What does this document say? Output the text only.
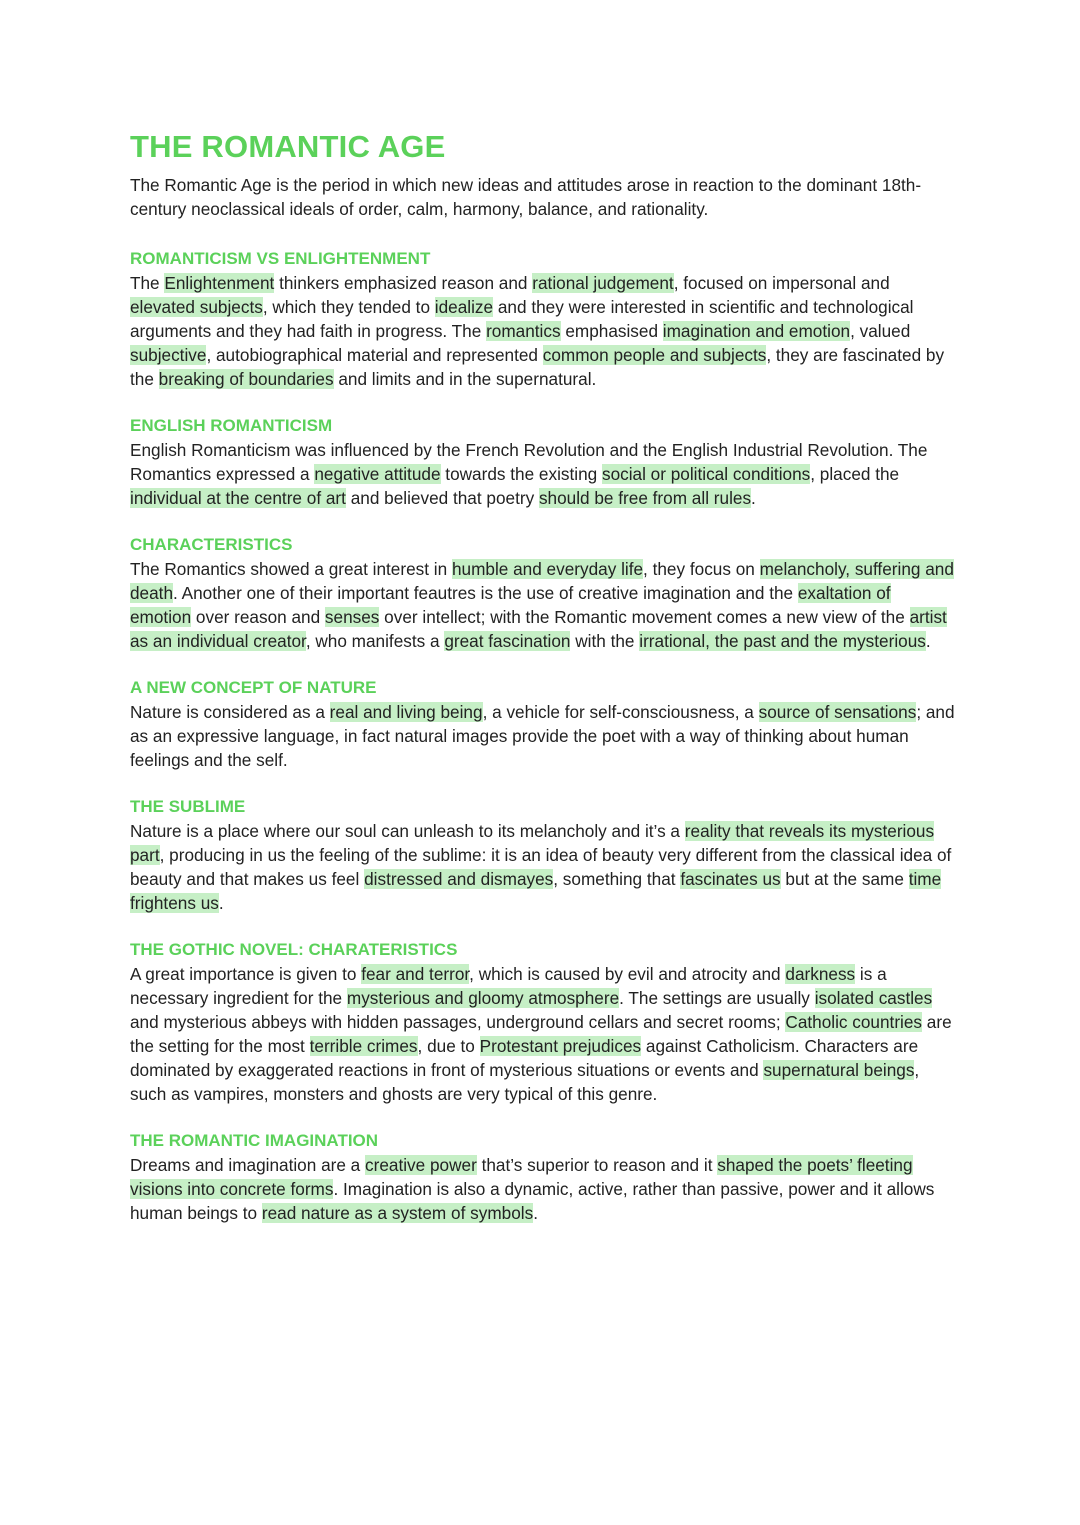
THE ROMANTIC AGE

The Romantic Age is the period in which new ideas and attitudes arose in reaction to the dominant 18th-century neoclassical ideals of order, calm, harmony, balance, and rationality.

ROMANTICISM VS ENLIGHTENMENT

The Enlightenment thinkers emphasized reason and rational judgement, focused on impersonal and elevated subjects, which they tended to idealize and they were interested in scientific and technological arguments and they had faith in progress. The romantics emphasised imagination and emotion, valued subjective, autobiographical material and represented common people and subjects, they are fascinated by the breaking of boundaries and limits and in the supernatural.

ENGLISH ROMANTICISM

English Romanticism was influenced by the French Revolution and the English Industrial Revolution. The Romantics expressed a negative attitude towards the existing social or political conditions, placed the individual at the centre of art and believed that poetry should be free from all rules.

CHARACTERISTICS

The Romantics showed a great interest in humble and everyday life, they focus on melancholy, suffering and death. Another one of their important feautres is the use of creative imagination and the exaltation of emotion over reason and senses over intellect; with the Romantic movement comes a new view of the artist as an individual creator, who manifests a great fascination with the irrational, the past and the mysterious.

A NEW CONCEPT OF NATURE

Nature is considered as a real and living being, a vehicle for self-consciousness, a source of sensations; and as an expressive language, in fact natural images provide the poet with a way of thinking about human feelings and the self.

THE SUBLIME

Nature is a place where our soul can unleash to its melancholy and it’s a reality that reveals its mysterious part, producing in us the feeling of the sublime: it is an idea of beauty very different from the classical idea of beauty and that makes us feel distressed and dismayes, something that fascinates us but at the same time frightens us.

THE GOTHIC NOVEL: CHARATERISTICS

A great importance is given to fear and terror, which is caused by evil and atrocity and darkness is a necessary ingredient for the mysterious and gloomy atmosphere. The settings are usually isolated castles and mysterious abbeys with hidden passages, underground cellars and secret rooms; Catholic countries are the setting for the most terrible crimes, due to Protestant prejudices against Catholicism. Characters are dominated by exaggerated reactions in front of mysterious situations or events and supernatural beings, such as vampires, monsters and ghosts are very typical of this genre.

THE ROMANTIC IMAGINATION

Dreams and imagination are a creative power that’s superior to reason and it shaped the poets’ fleeting visions into concrete forms. Imagination is also a dynamic, active, rather than passive, power and it allows human beings to read nature as a system of symbols.
